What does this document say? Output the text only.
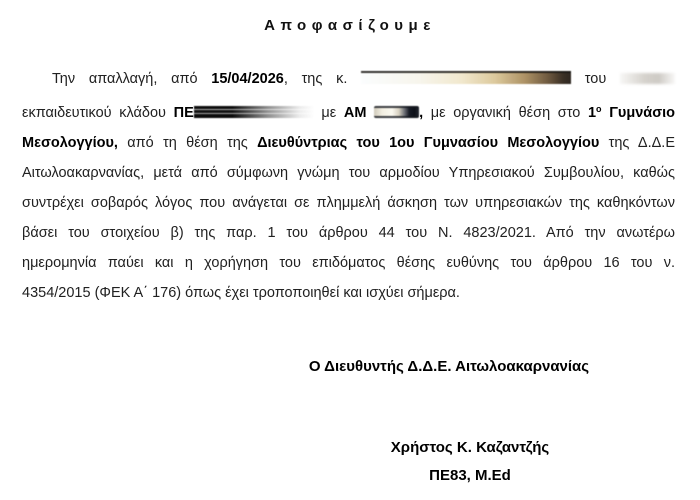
Αποφασίζουμε
Την απαλλαγή, από 15/04/2026, της κ.	του
εκπαιδευτικού κλάδου ΠΕ	με ΑΜ	, με οργανική θέση στο $1^o$ Γυμνάσιο
Μεσολογγίου, από τη θέση της Διευθύντριας του 1ου Γυμνασίου Μεσολογγίου της Δ.Δ.Ε
Αιτωλοακαρνανίας, μετά από σύμφωνη γνώμη του αρμοδίου Υπηρεσιακού Συμβουλίου, καθώς
συντρέχει σοβαρός λόγος που ανάγεται σε πλημμελή άσκηση των υπηρεσιακών της καθηκόντων
βάσει του στοιχείου β) της παρ. 1 του άρθρου 44 του Ν. 4823/2021. Από την ανωτέρω
ημερομηνία παύει και η χορήγηση του επιδόματος θέσης ευθύνης του άρθρου 16 του ν.
4354/2015 (ΦΕΚ Α΄ 176) όπως έχει τροποποιηθεί και ισχύει σήμερα.
Ο Διευθυντής Δ.Δ.Ε. Αιτωλοακαρνανίας
Χρήστος Κ. Καζαντζής
ΠΕ83, M.Ed
